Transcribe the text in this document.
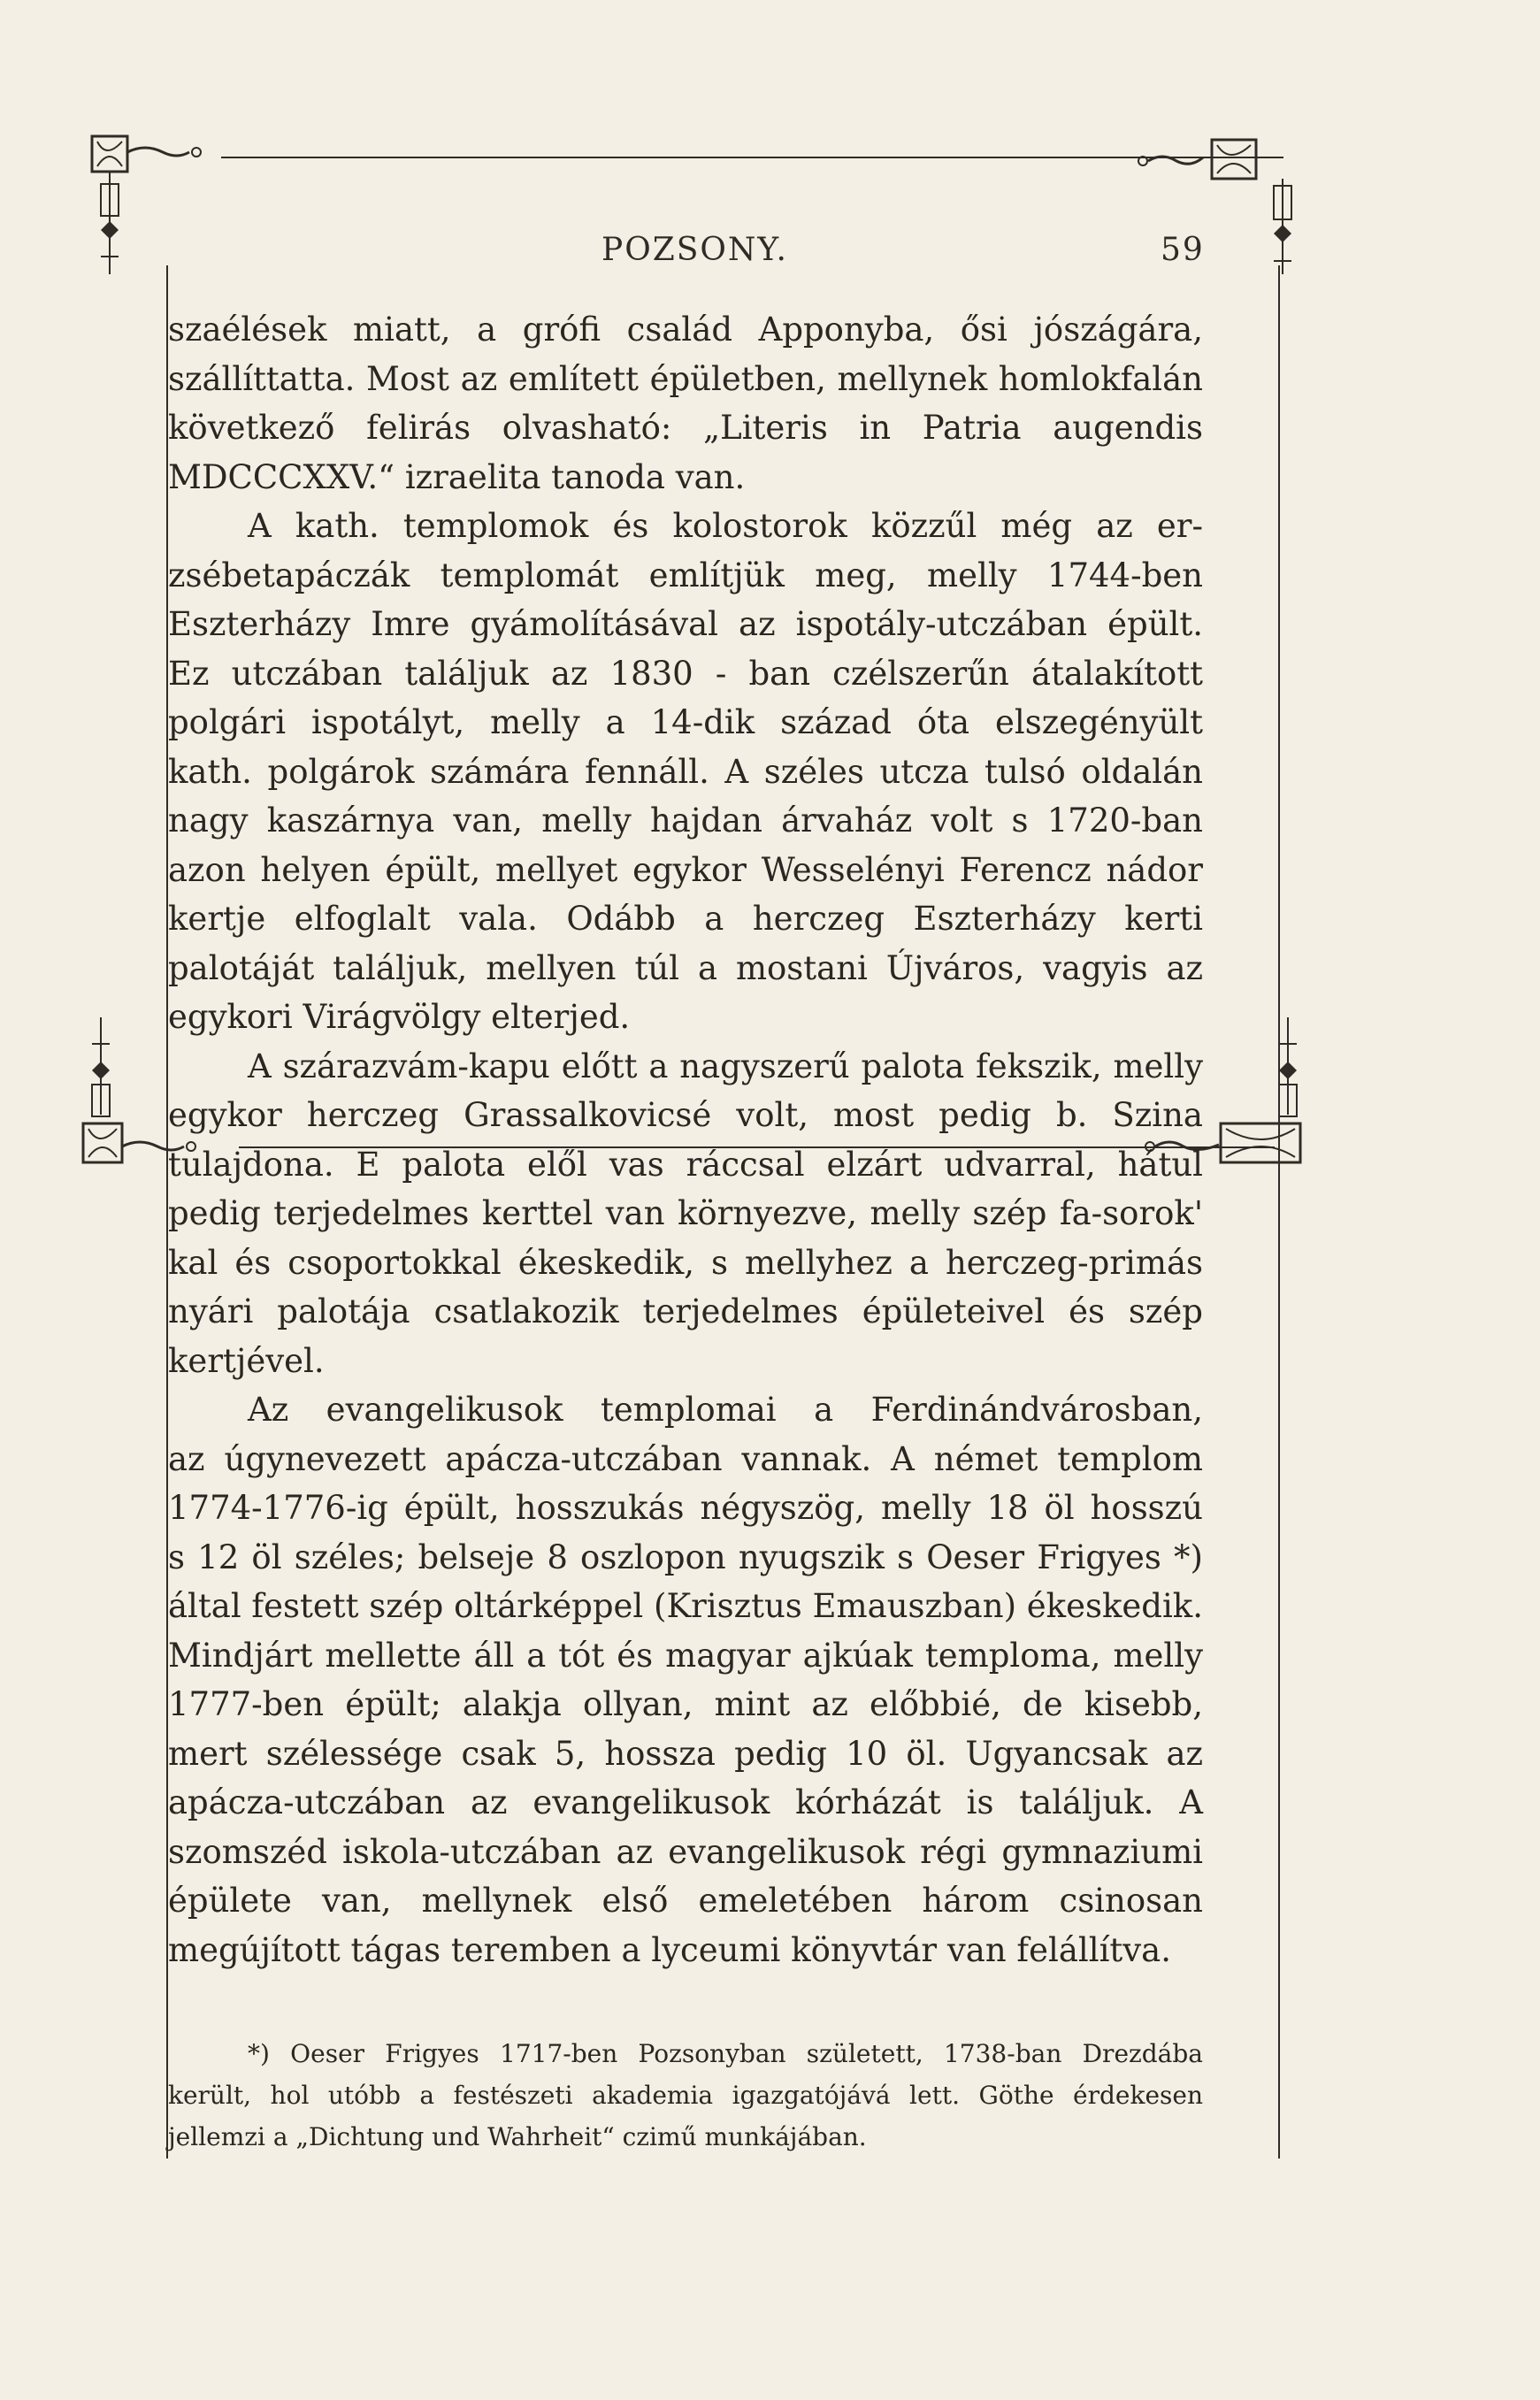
POZSONY.	59
szaélések miatt, a grófi család Apponyba, ősi jószágára,
szállíttatta. Most az említett épületben, mellynek homlokfalán
következő felirás olvasható: „Literis in Patria augendis
MDCCCXXV.“ izraelita tanoda van.
A kath. templomok és kolostorok közzűl még az er-
zsébetapáczák templomát említjük meg, melly 1744-ben
Eszterházy Imre gyámolításával az ispotály-utczában épült.
Ez utczában találjuk az 1830 - ban czélszerűn átalakított
polgári ispotályt, melly a 14-dik század óta elszegényült
kath. polgárok számára fennáll. A széles utcza tulsó oldalán
nagy kaszárnya van, melly hajdan árvaház volt s 1720-ban
azon helyen épült, mellyet egykor Wesselényi Ferencz nádor
kertje elfoglalt vala. Odább a herczeg Eszterházy kerti
palotáját találjuk, mellyen túl a mostani Újváros, vagyis az
egykori Virágvölgy elterjed.
A szárazvám-kapu előtt a nagyszerű palota fekszik, melly
egykor herczeg Grassalkovicsé volt, most pedig b. Szina
tulajdona. E palota elől vas ráccsal elzárt udvarral, hátul
pedig terjedelmes kerttel van környezve, melly szép fa-sorok'
kal és csoportokkal ékeskedik, s mellyhez a herczeg-primás
nyári palotája csatlakozik terjedelmes épületeivel és szép
kertjével.
Az evangelikusok templomai a Ferdinándvárosban,
az úgynevezett apácza-utczában vannak. A német templom
1774-1776-ig épült, hosszukás négyszög, melly 18 öl hosszú
s 12 öl széles; belseje 8 oszlopon nyugszik s Oeser Frigyes *)
által festett szép oltárképpel (Krisztus Emauszban) ékeskedik.
Mindjárt mellette áll a tót és magyar ajkúak temploma, melly
1777-ben épült; alakja ollyan, mint az előbbié, de kisebb,
mert szélessége csak 5, hossza pedig 10 öl. Ugyancsak az
apácza-utczában az evangelikusok kórházát is találjuk. A
szomszéd iskola-utczában az evangelikusok régi gymnaziumi
épülete van, mellynek első emeletében három csinosan
megújított tágas teremben a lyceumi könyvtár van felállítva.
*) Oeser Frigyes 1717-ben Pozsonyban született, 1738-ban Drezdába
került, hol utóbb a festészeti akademia igazgatójává lett. Göthe érdekesen
jellemzi a „Dichtung und Wahrheit“ czimű munkájában.
